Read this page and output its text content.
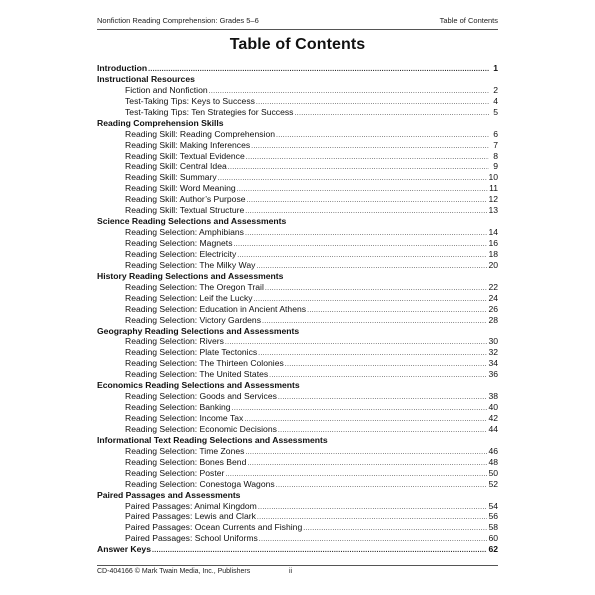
Nonfiction Reading Comprehension: Grades 5–6	Table of Contents
Table of Contents
Introduction .....	1
Instructional Resources
Fiction and Nonfiction .....	2
Test-Taking Tips: Keys to Success .....	4
Test-Taking Tips: Ten Strategies for Success .....	5
Reading Comprehension Skills
Reading Skill: Reading Comprehension .....	6
Reading Skill: Making Inferences .....	7
Reading Skill: Textual Evidence .....	8
Reading Skill: Central Idea .....	9
Reading Skill: Summary .....	10
Reading Skill: Word Meaning .....	11
Reading Skill: Author’s Purpose .....	12
Reading Skill: Textual Structure .....	13
Science Reading Selections and Assessments
Reading Selection: Amphibians .....	14
Reading Selection: Magnets .....	16
Reading Selection: Electricity .....	18
Reading Selection: The Milky Way .....	20
History Reading Selections and Assessments
Reading Selection: The Oregon Trail .....	22
Reading Selection: Leif the Lucky .....	24
Reading Selection: Education in Ancient Athens .....	26
Reading Selection: Victory Gardens .....	28
Geography Reading Selections and Assessments
Reading Selection: Rivers .....	30
Reading Selection: Plate Tectonics .....	32
Reading Selection: The Thirteen Colonies .....	34
Reading Selection: The United States .....	36
Economics Reading Selections and Assessments
Reading Selection: Goods and Services .....	38
Reading Selection: Banking .....	40
Reading Selection: Income Tax .....	42
Reading Selection: Economic Decisions .....	44
Informational Text Reading Selections and Assessments
Reading Selection: Time Zones .....	46
Reading Selection: Bones Bend .....	48
Reading Selection: Poster .....	50
Reading Selection: Conestoga Wagons .....	52
Paired Passages and Assessments
Paired Passages: Animal Kingdom .....	54
Paired Passages: Lewis and Clark .....	56
Paired Passages: Ocean Currents and Fishing .....	58
Paired Passages: School Uniforms .....	60
Answer Keys .....	62
CD-404166 © Mark Twain Media, Inc., Publishers	ii
